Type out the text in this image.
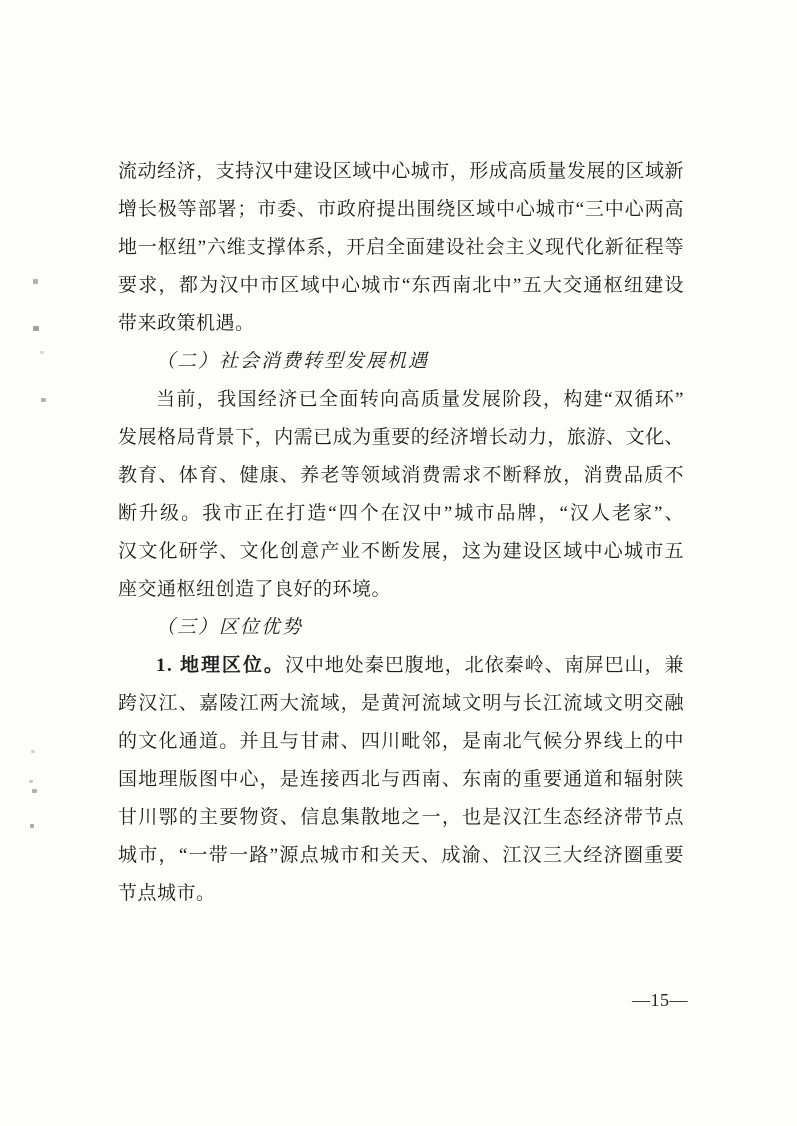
流动经济，支持汉中建设区域中心城市，形成高质量发展的区域新

增长极等部署；市委、市政府提出围绕区域中心城市“三中心两高

地一枢纽”六维支撑体系，开启全面建设社会主义现代化新征程等

要求，都为汉中市区域中心城市“东西南北中”五大交通枢纽建设

带来政策机遇。

（二）社会消费转型发展机遇

当前，我国经济已全面转向高质量发展阶段，构建“双循环”

发展格局背景下，内需已成为重要的经济增长动力，旅游、文化、

教育、体育、健康、养老等领域消费需求不断释放，消费品质不

断升级。我市正在打造“四个在汉中”城市品牌，“汉人老家”、

汉文化研学、文化创意产业不断发展，这为建设区域中心城市五

座交通枢纽创造了良好的环境。

（三）区位优势

1. 地理区位。汉中地处秦巴腹地，北依秦岭、南屏巴山，兼

跨汉江、嘉陵江两大流域，是黄河流域文明与长江流域文明交融

的文化通道。并且与甘肃、四川毗邻，是南北气候分界线上的中

国地理版图中心，是连接西北与西南、东南的重要通道和辐射陕

甘川鄂的主要物资、信息集散地之一，也是汉江生态经济带节点

城市，“一带一路”源点城市和关天、成渝、江汉三大经济圈重要

节点城市。

—15—
